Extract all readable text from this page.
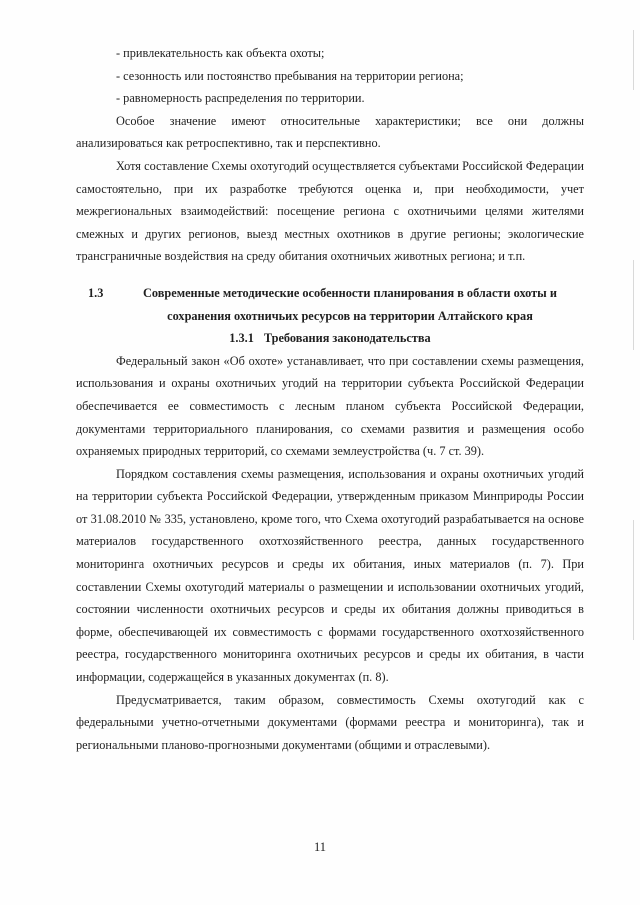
- привлекательность как объекта охоты;

- сезонность или постоянство пребывания на территории региона;

- равномерность распределения по территории.

Особое значение имеют относительные характеристики; все они должны анализироваться как ретроспективно, так и перспективно.

Хотя составление Схемы охотугодий осуществляется субъектами Российской Федерации самостоятельно, при их разработке требуются оценка и, при необходимости, учет межрегиональных взаимодействий: посещение региона с охотничьими целями жителями смежных и других регионов, выезд местных охотников в другие регионы; экологические трансграничные воздействия на среду обитания охотничьих животных региона; и т.п.

1.3	Современные методические особенности планирования в области охоты и сохранения охотничьих ресурсов на территории Алтайского края

1.3.1 Требования законодательства

Федеральный закон «Об охоте» устанавливает, что при составлении схемы размещения, использования и охраны охотничьих угодий на территории субъекта Российской Федерации обеспечивается ее совместимость с лесным планом субъекта Российской Федерации, документами территориального планирования, со схемами развития и размещения особо охраняемых природных территорий, со схемами землеустройства (ч. 7 ст. 39).

Порядком составления схемы размещения, использования и охраны охотничьих угодий на территории субъекта Российской Федерации, утвержденным приказом Минприроды России от 31.08.2010 № 335, установлено, кроме того, что Схема охотугодий разрабатывается на основе материалов государственного охотхозяйственного реестра, данных государственного мониторинга охотничьих ресурсов и среды их обитания, иных материалов (п. 7). При составлении Схемы охотугодий материалы о размещении и использовании охотничьих угодий, состоянии численности охотничьих ресурсов и среды их обитания должны приводиться в форме, обеспечивающей их совместимость с формами государственного охотхозяйственного реестра, государственного мониторинга охотничьих ресурсов и среды их обитания, в части информации, содержащейся в указанных документах (п. 8).

Предусматривается, таким образом, совместимость Схемы охотугодий как с федеральными учетно-отчетными документами (формами реестра и мониторинга), так и региональными планово-прогнозными документами (общими и отраслевыми).

11
